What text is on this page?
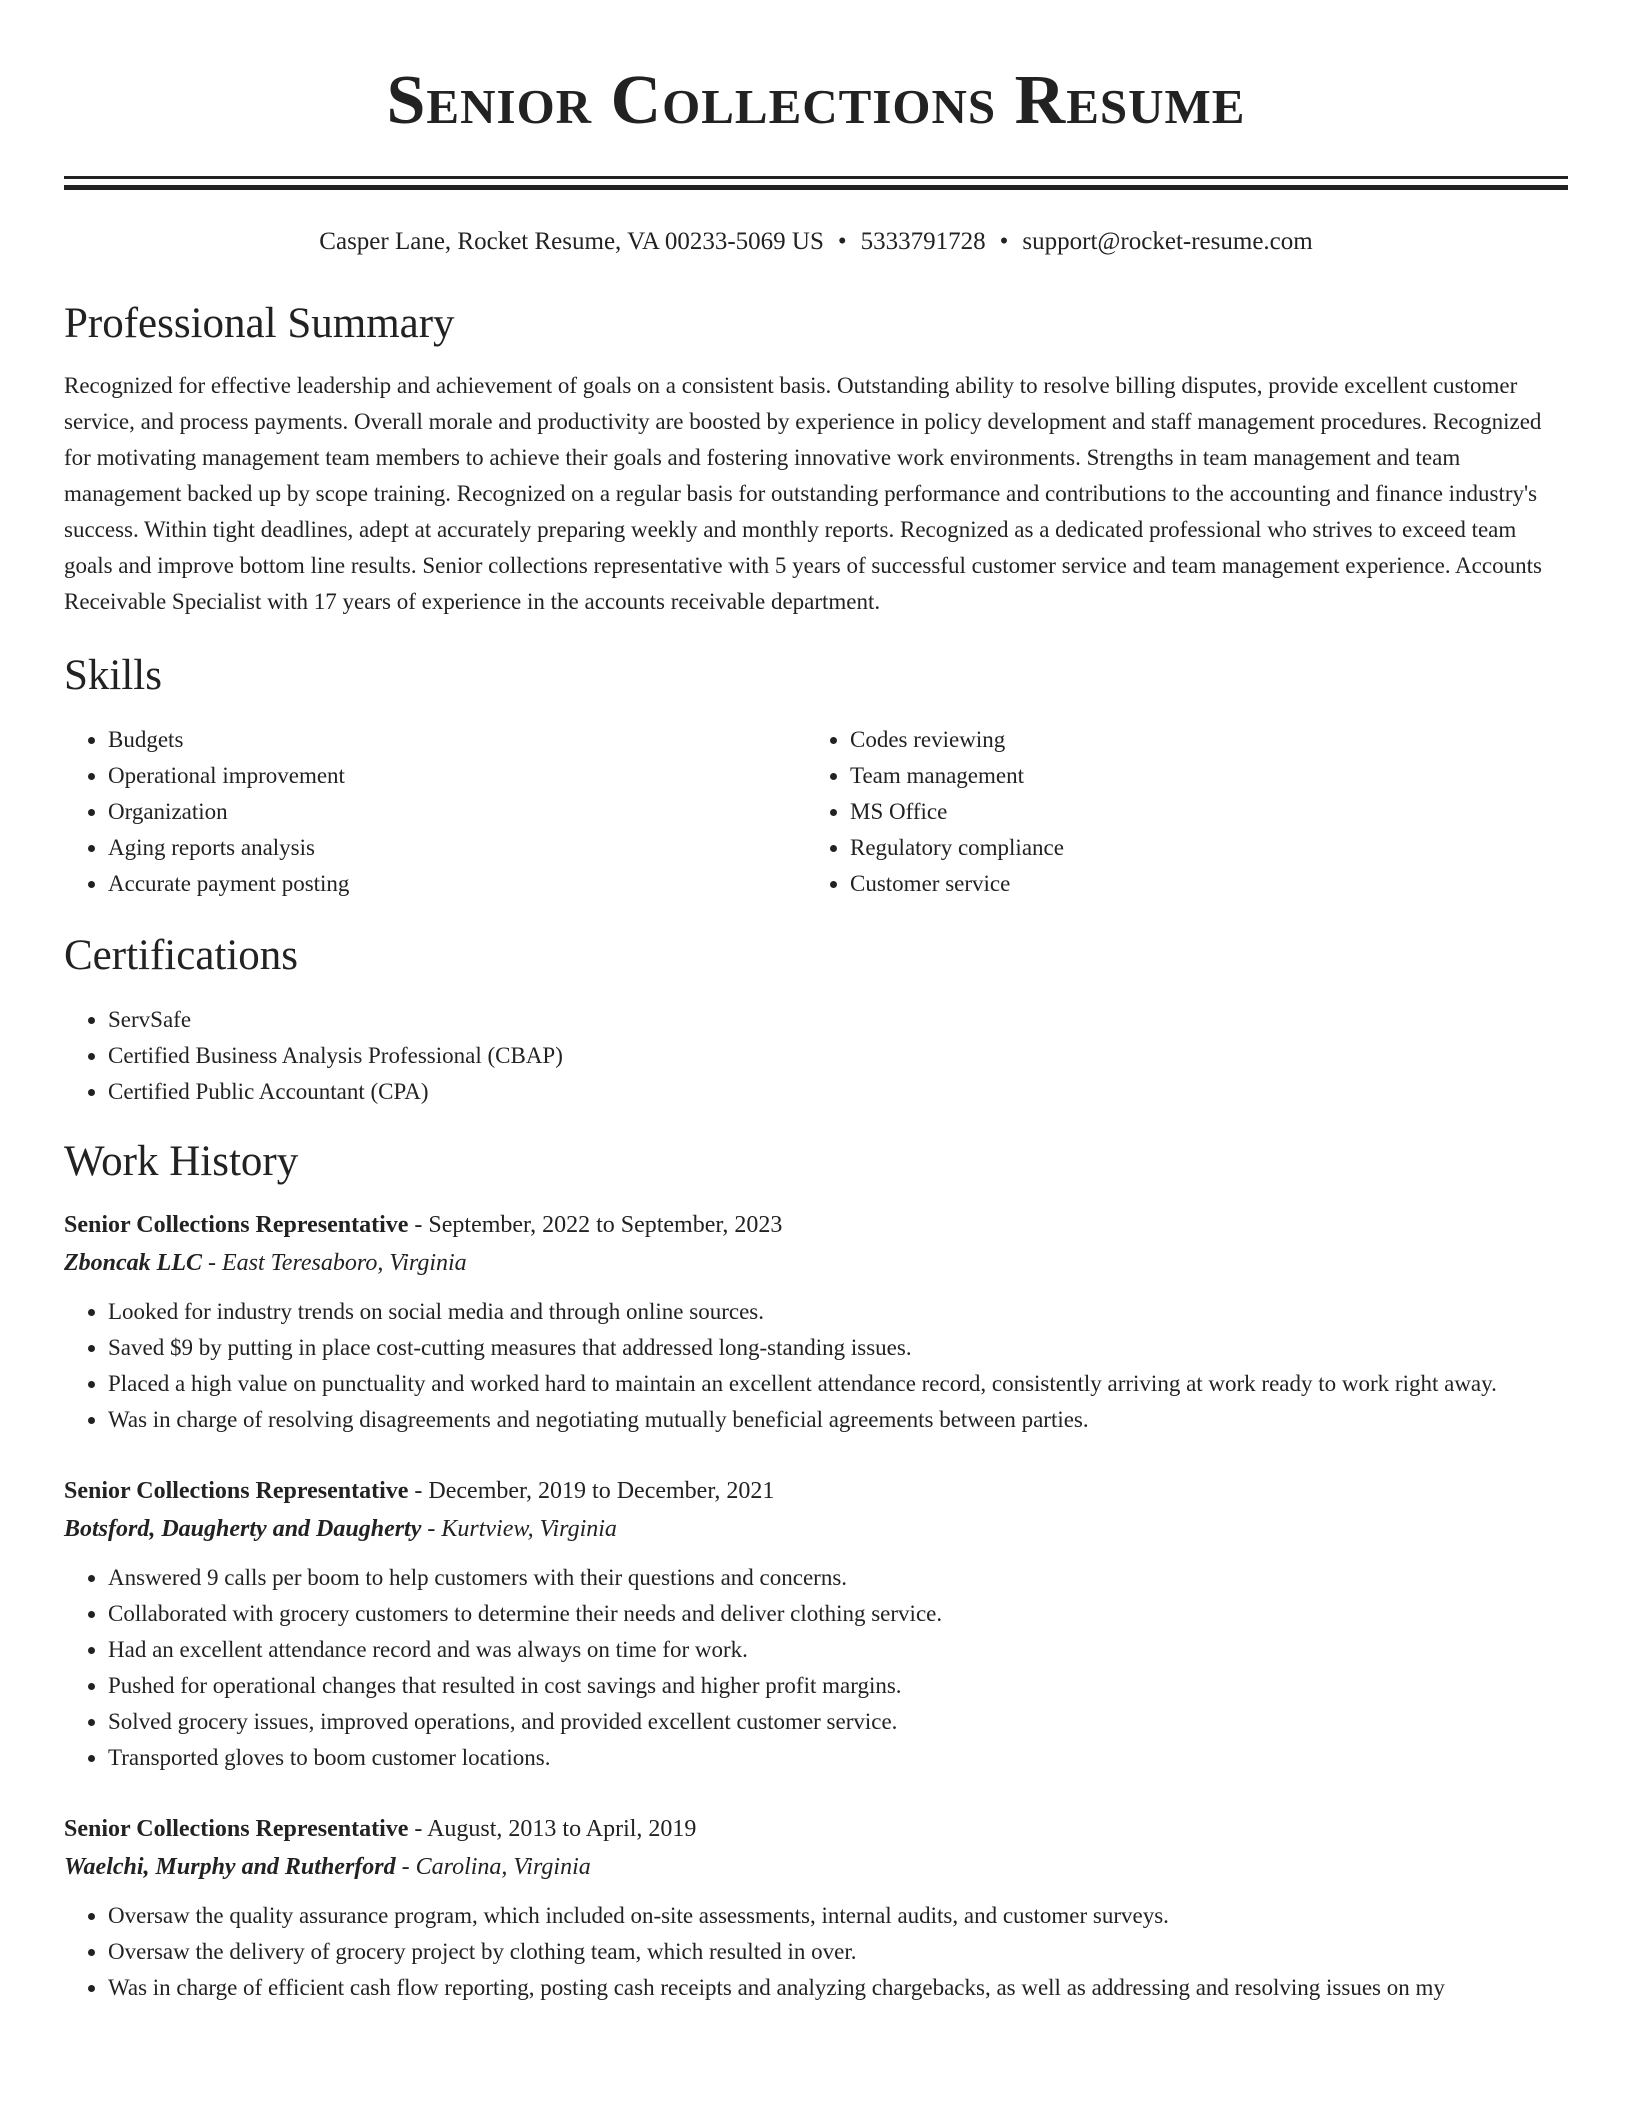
Senior Collections Resume
Casper Lane, Rocket Resume, VA 00233-5069 US • 5333791728 • support@rocket-resume.com
Professional Summary

Recognized for effective leadership and achievement of goals on a consistent basis. Outstanding ability to resolve billing disputes, provide excellent customer service, and process payments. Overall morale and productivity are boosted by experience in policy development and staff management procedures. Recognized for motivating management team members to achieve their goals and fostering innovative work environments. Strengths in team management and team management backed up by scope training. Recognized on a regular basis for outstanding performance and contributions to the accounting and finance industry's success. Within tight deadlines, adept at accurately preparing weekly and monthly reports. Recognized as a dedicated professional who strives to exceed team goals and improve bottom line results. Senior collections representative with 5 years of successful customer service and team management experience. Accounts Receivable Specialist with 17 years of experience in the accounts receivable department.

Skills
• Budgets
• Operational improvement
• Organization
• Aging reports analysis
• Accurate payment posting
• Codes reviewing
• Team management
• MS Office
• Regulatory compliance
• Customer service
Certifications
• ServSafe
• Certified Business Analysis Professional (CBAP)
• Certified Public Accountant (CPA)
Work History
Senior Collections Representative - September, 2022 to September, 2023
Zboncak LLC - East Teresaboro, Virginia
• Looked for industry trends on social media and through online sources.
• Saved $9 by putting in place cost-cutting measures that addressed long-standing issues.
• Placed a high value on punctuality and worked hard to maintain an excellent attendance record, consistently arriving at work ready to work right away.
• Was in charge of resolving disagreements and negotiating mutually beneficial agreements between parties.
Senior Collections Representative - December, 2019 to December, 2021
Botsford, Daugherty and Daugherty - Kurtview, Virginia
• Answered 9 calls per boom to help customers with their questions and concerns.
• Collaborated with grocery customers to determine their needs and deliver clothing service.
• Had an excellent attendance record and was always on time for work.
• Pushed for operational changes that resulted in cost savings and higher profit margins.
• Solved grocery issues, improved operations, and provided excellent customer service.
• Transported gloves to boom customer locations.
Senior Collections Representative - August, 2013 to April, 2019
Waelchi, Murphy and Rutherford - Carolina, Virginia
• Oversaw the quality assurance program, which included on-site assessments, internal audits, and customer surveys.
• Oversaw the delivery of grocery project by clothing team, which resulted in over.
• Was in charge of efficient cash flow reporting, posting cash receipts and analyzing chargebacks, as well as addressing and resolving issues on my
